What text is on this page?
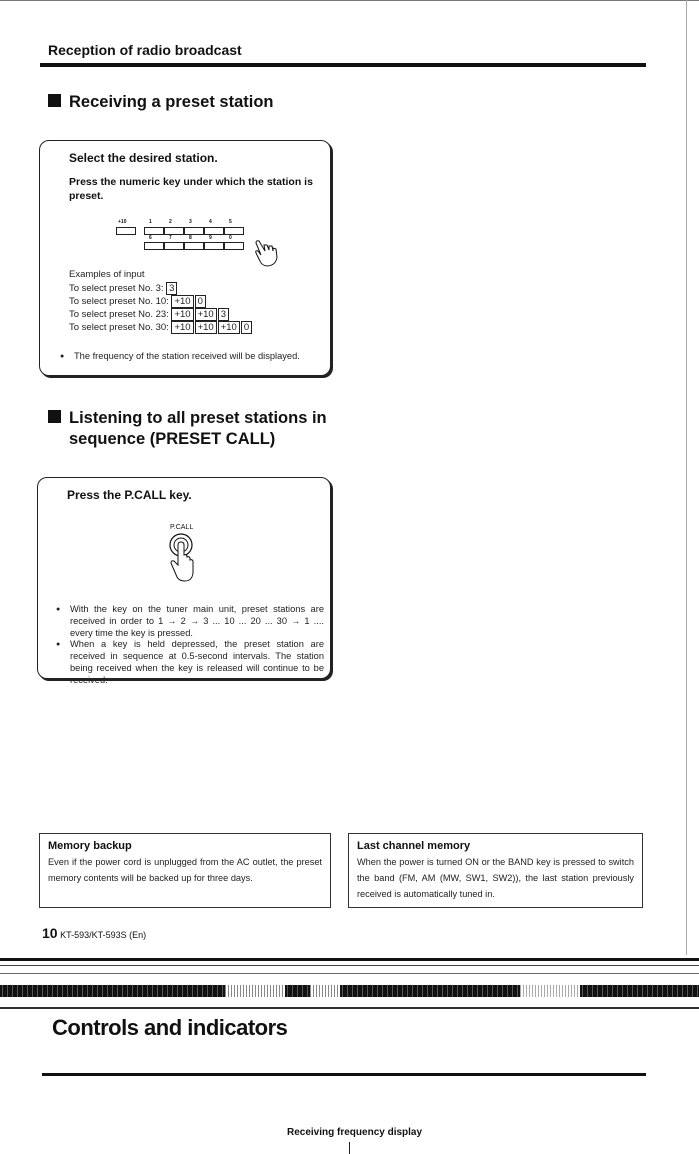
Reception of radio broadcast
Receiving a preset station
Select the desired station.
Press the numeric key under which the station is preset.
+10	1	2	3	4	5
6	7	8	9	0
Examples of input
To select preset No. 3: 3
To select preset No. 10: +10 0
To select preset No. 23: +10 +10 3
To select preset No. 30: +10 +10 +10 0
● The frequency of the station received will be displayed.
Listening to all preset stations in
sequence (PRESET CALL)
Press the P.CALL key.
P.CALL
● With the key on the tuner main unit, preset stations are received in order to 1 → 2 → 3 ... 10 ... 20 ... 30 → 1 .... every time the key is pressed.
● When a key is held depressed, the preset station are received in sequence at 0.5-second intervals. The station being received when the key is released will continue to be received.
Memory backup
Even if the power cord is unplugged from the AC outlet, the preset memory contents will be backed up for three days.
Last channel memory
When the power is turned ON or the BAND key is pressed to switch the band (FM, AM (MW, SW1, SW2)), the last station previously received is automatically tuned in.
10 KT-593/KT-593S (En)
Controls and indicators
Receiving frequency display
